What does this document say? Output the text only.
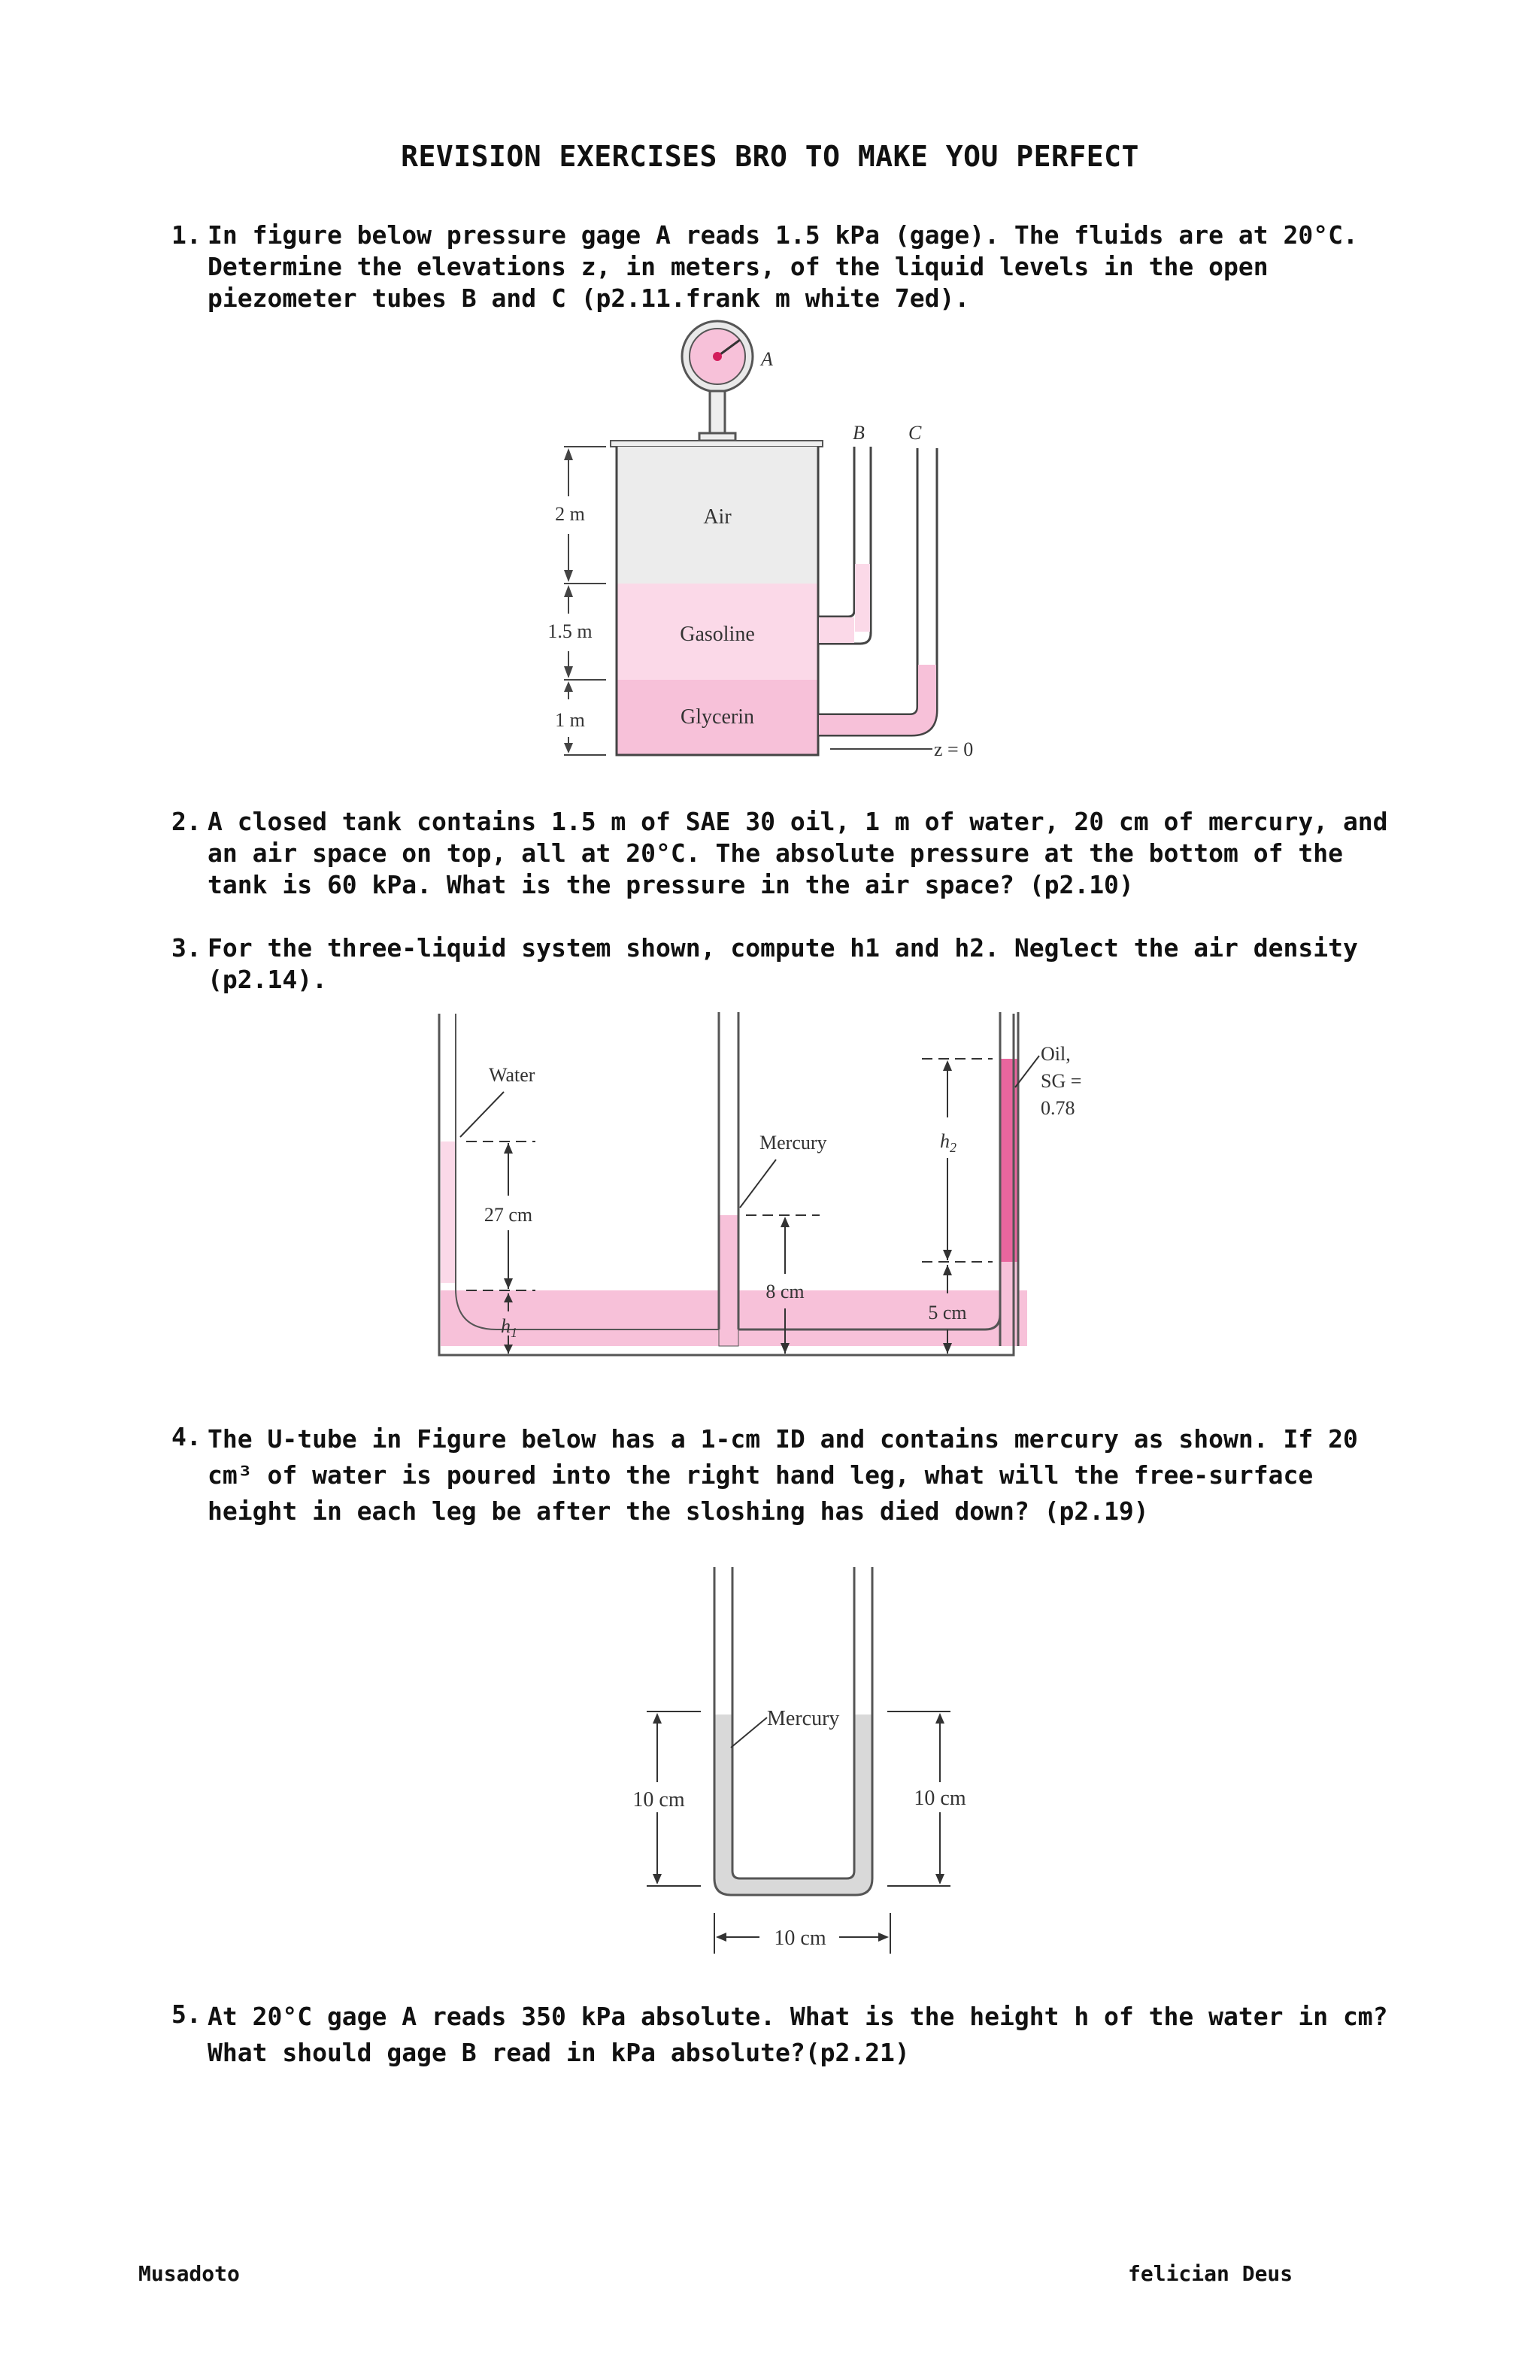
REVISION EXERCISES BRO TO MAKE YOU PERFECT
1. In figure below pressure gage A reads 1.5 kPa (gage). The fluids are at 20°C.
Determine the elevations z, in meters, of the liquid levels in the open
piezometer tubes B and C (p2.11.frank m white 7ed).
A
B C
Air
Gasoline
Glycerin
2 m
1.5 m
1 m
z = 0
2. A closed tank contains 1.5 m of SAE 30 oil, 1 m of water, 20 cm of mercury, and
an air space on top, all at 20°C. The absolute pressure at the bottom of the
tank is 60 kPa. What is the pressure in the air space? (p2.10)
3. For the three-liquid system shown, compute h1 and h2. Neglect the air density
(p2.14).
Water
Mercury
Oil,
SG =
0.78
27 cm
$h_1$
8 cm
$h_2$
5 cm
4. The U-tube in Figure below has a 1-cm ID and contains mercury as shown. If 20
cm³ of water is poured into the right hand leg, what will the free-surface
height in each leg be after the sloshing has died down? (p2.19)
Mercury
10 cm	10 cm
10 cm
5. At 20°C gage A reads 350 kPa absolute. What is the height h of the water in cm?
What should gage B read in kPa absolute?(p2.21)
Musadoto	felician Deus
